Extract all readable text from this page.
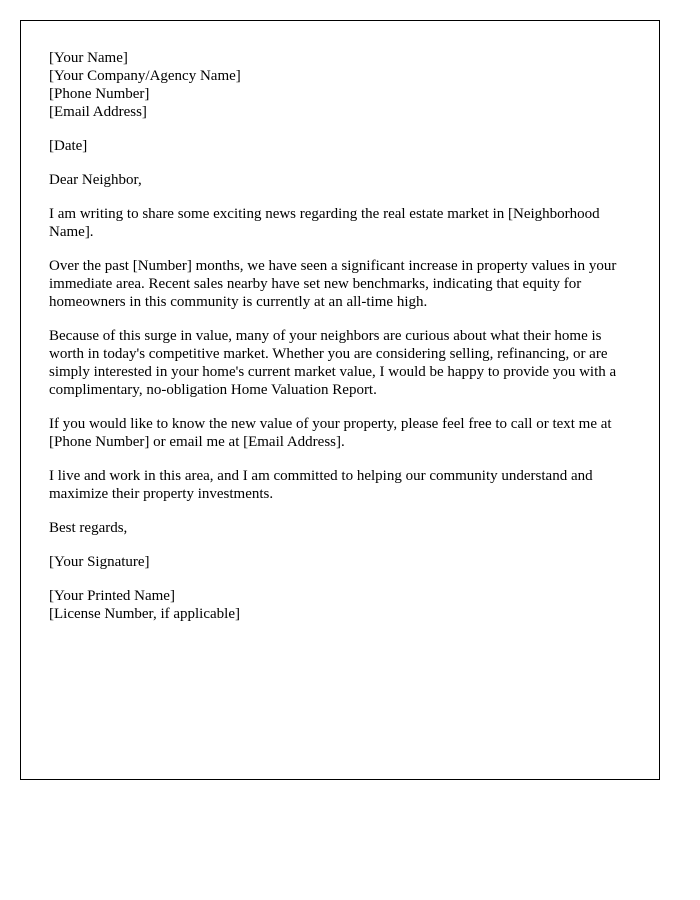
[Your Name]
[Your Company/Agency Name]
[Phone Number]
[Email Address]

[Date]

Dear Neighbor,

I am writing to share some exciting news regarding the real estate market in [Neighborhood Name].

Over the past [Number] months, we have seen a significant increase in property values in your immediate area. Recent sales nearby have set new benchmarks, indicating that equity for homeowners in this community is currently at an all-time high.

Because of this surge in value, many of your neighbors are curious about what their home is worth in today's competitive market. Whether you are considering selling, refinancing, or are simply interested in your home's current market value, I would be happy to provide you with a complimentary, no-obligation Home Valuation Report.

If you would like to know the new value of your property, please feel free to call or text me at [Phone Number] or email me at [Email Address].

I live and work in this area, and I am committed to helping our community understand and maximize their property investments.

Best regards,

[Your Signature]

[Your Printed Name]
[License Number, if applicable]
